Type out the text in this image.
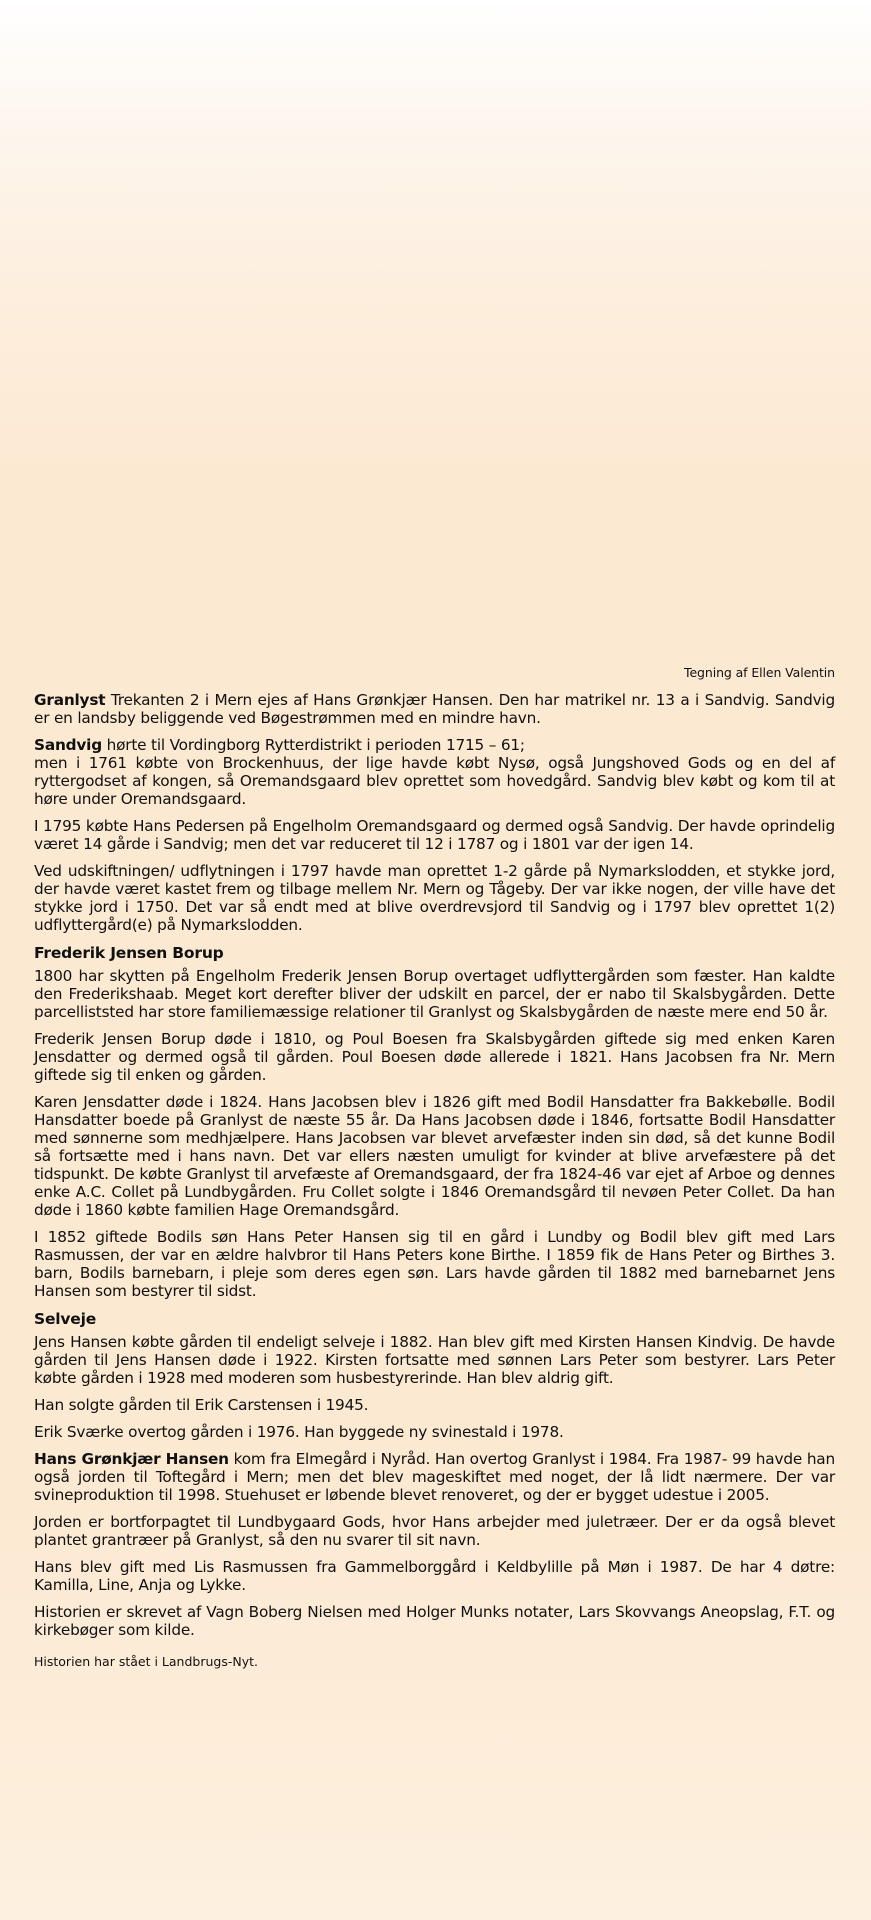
Tegning af Ellen Valentin

Granlyst Trekanten 2 i Mern ejes af Hans Grønkjær Hansen. Den har matrikel nr. 13 a i Sandvig. Sandvig er en landsby beliggende ved Bøgestrømmen med en mindre havn.

Sandvig hørte til Vordingborg Rytterdistrikt i perioden 1715 – 61;
men i 1761 købte von Brockenhuus, der lige havde købt Nysø, også Jungshoved Gods og en del af ryttergodset af kongen, så Oremandsgaard blev oprettet som hovedgård. Sandvig blev købt og kom til at høre under Oremandsgaard.

I 1795 købte Hans Pedersen på Engelholm Oremandsgaard og dermed også Sandvig. Der havde oprindelig været 14 gårde i Sandvig; men det var reduceret til 12 i 1787 og i 1801 var der igen 14.

Ved udskiftningen/ udflytningen i 1797 havde man oprettet 1-2 gårde på Nymarkslodden, et stykke jord, der havde været kastet frem og tilbage mellem Nr. Mern og Tågeby. Der var ikke nogen, der ville have det stykke jord i 1750. Det var så endt med at blive overdrevsjord til Sandvig og i 1797 blev oprettet 1(2) udflyttergård(e) på Nymarkslodden.

Frederik Jensen Borup

1800 har skytten på Engelholm Frederik Jensen Borup overtaget udflyttergården som fæster. Han kaldte den Frederikshaab. Meget kort derefter bliver der udskilt en parcel, der er nabo til Skalsbygården. Dette parcelliststed har store familiemæssige relationer til Granlyst og Skalsbygården de næste mere end 50 år.

Frederik Jensen Borup døde i 1810, og Poul Boesen fra Skalsbygården giftede sig med enken Karen Jensdatter og dermed også til gården. Poul Boesen døde allerede i 1821. Hans Jacobsen fra Nr. Mern giftede sig til enken og gården.

Karen Jensdatter døde i 1824. Hans Jacobsen blev i 1826 gift med Bodil Hansdatter fra Bakkebølle. Bodil Hansdatter boede på Granlyst de næste 55 år. Da Hans Jacobsen døde i 1846, fortsatte Bodil Hansdatter med sønnerne som medhjælpere. Hans Jacobsen var blevet arvefæster inden sin død, så det kunne Bodil så fortsætte med i hans navn. Det var ellers næsten umuligt for kvinder at blive arvefæstere på det tidspunkt. De købte Granlyst til arvefæste af Oremandsgaard, der fra 1824-46 var ejet af Arboe og dennes enke A.C. Collet på Lundbygården. Fru Collet solgte i 1846 Oremandsgård til nevøen Peter Collet. Da han døde i 1860 købte familien Hage Oremandsgård.

I 1852 giftede Bodils søn Hans Peter Hansen sig til en gård i Lundby og Bodil blev gift med Lars Rasmussen, der var en ældre halvbror til Hans Peters kone Birthe. I 1859 fik de Hans Peter og Birthes 3. barn, Bodils barnebarn, i pleje som deres egen søn. Lars havde gården til 1882 med barnebarnet Jens Hansen som bestyrer til sidst.

Selveje

Jens Hansen købte gården til endeligt selveje i 1882. Han blev gift med Kirsten Hansen Kindvig. De havde gården til Jens Hansen døde i 1922. Kirsten fortsatte med sønnen Lars Peter som bestyrer. Lars Peter købte gården i 1928 med moderen som husbestyrerinde. Han blev aldrig gift.

Han solgte gården til Erik Carstensen i 1945.

Erik Sværke overtog gården i 1976. Han byggede ny svinestald i 1978.

Hans Grønkjær Hansen kom fra Elmegård i Nyråd. Han overtog Granlyst i 1984. Fra 1987- 99 havde han også jorden til Toftegård i Mern; men det blev mageskiftet med noget, der lå lidt nærmere. Der var svineproduktion til 1998. Stuehuset er løbende blevet renoveret, og der er bygget udestue i 2005.

Jorden er bortforpagtet til Lundbygaard Gods, hvor Hans arbejder med juletræer. Der er da også blevet plantet grantræer på Granlyst, så den nu svarer til sit navn.

Hans blev gift med Lis Rasmussen fra Gammelborggård i Keldbylille på Møn i 1987. De har 4 døtre: Kamilla, Line, Anja og Lykke.

Historien er skrevet af Vagn Boberg Nielsen med Holger Munks notater, Lars Skovvangs Aneopslag, F.T. og kirkebøger som kilde.

Historien har stået i Landbrugs-Nyt.
